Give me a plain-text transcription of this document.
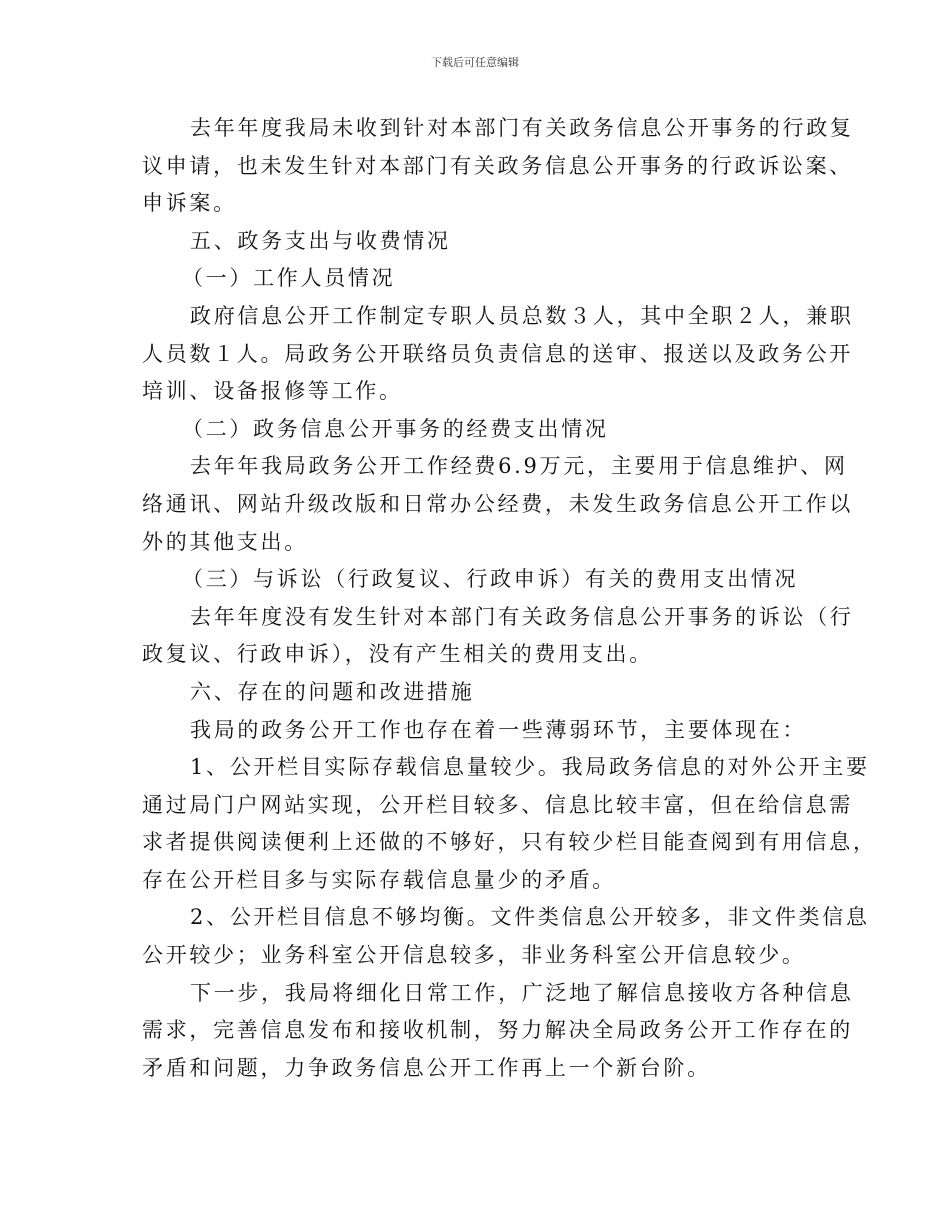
下载后可任意编辑
去年年度我局未收到针对本部门有关政务信息公开事务的行政复
议申请，也未发生针对本部门有关政务信息公开事务的行政诉讼案、
申诉案。
五、政务支出与收费情况
（一）工作人员情况
政府信息公开工作制定专职人员总数３人，其中全职２人，兼职
人员数１人。局政务公开联络员负责信息的送审、报送以及政务公开
培训、设备报修等工作。
（二）政务信息公开事务的经费支出情况
去年年我局政务公开工作经费6.9万元，主要用于信息维护、网
络通讯、网站升级改版和日常办公经费，未发生政务信息公开工作以
外的其他支出。
（三）与诉讼（行政复议、行政申诉）有关的费用支出情况
去年年度没有发生针对本部门有关政务信息公开事务的诉讼（行
政复议、行政申诉），没有产生相关的费用支出。
六、存在的问题和改进措施
我局的政务公开工作也存在着一些薄弱环节，主要体现在：
1、公开栏目实际存载信息量较少。我局政务信息的对外公开主要
通过局门户网站实现，公开栏目较多、信息比较丰富，但在给信息需
求者提供阅读便利上还做的不够好，只有较少栏目能查阅到有用信息，
存在公开栏目多与实际存载信息量少的矛盾。
2、公开栏目信息不够均衡。文件类信息公开较多，非文件类信息
公开较少；业务科室公开信息较多，非业务科室公开信息较少。
下一步，我局将细化日常工作，广泛地了解信息接收方各种信息
需求，完善信息发布和接收机制，努力解决全局政务公开工作存在的
矛盾和问题，力争政务信息公开工作再上一个新台阶。
